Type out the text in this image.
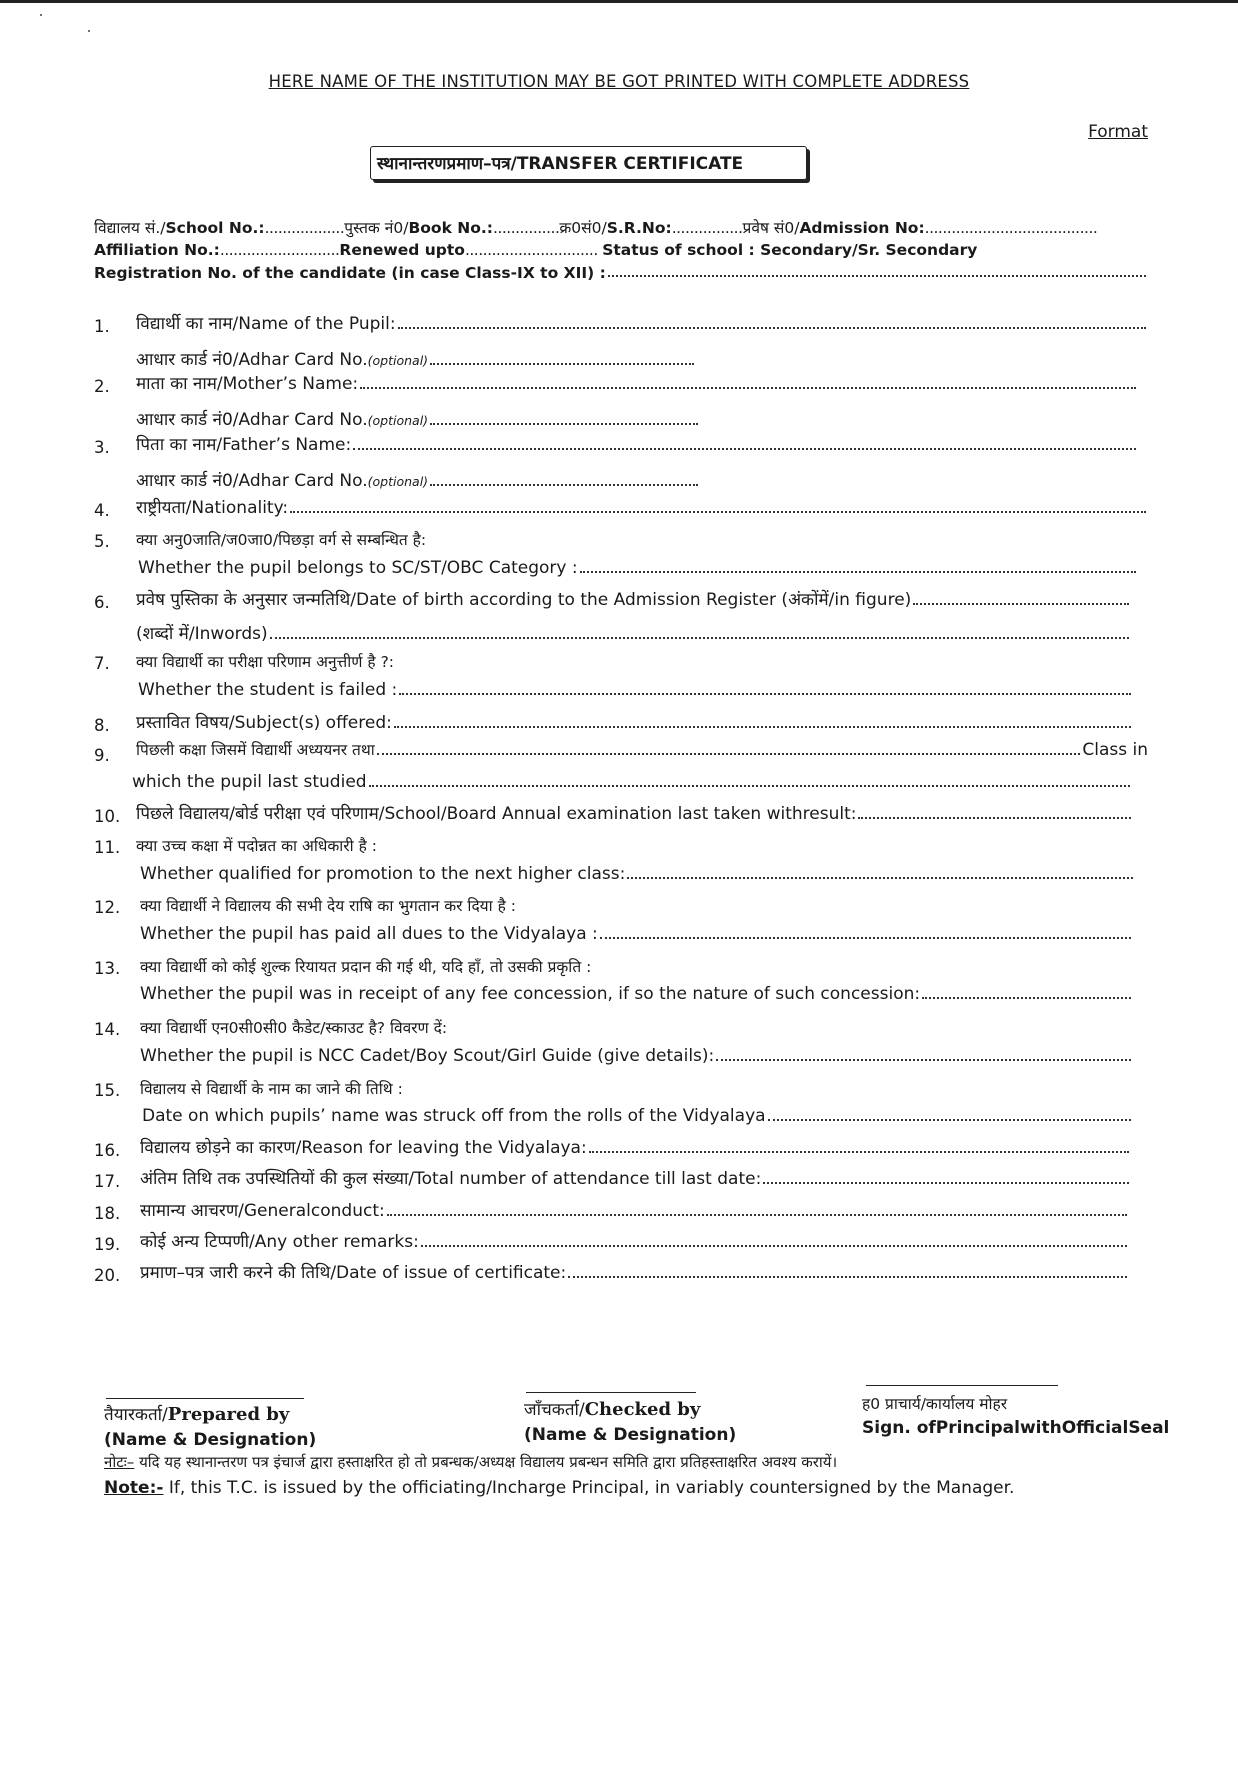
HERE NAME OF THE INSTITUTION MAY BE GOT PRINTED WITH COMPLETE ADDRESS
Format
स्थानान्तरणप्रमाण–पत्र/TRANSFER CERTIFICATE
विद्यालय सं./School No.:..................पुस्तक नं0/Book No.:...............क्र0सं0/S.R.No:................प्रवेष सं0/Admission No:.......................................
Affiliation No.:...........................Renewed upto.............................. Status of school : Secondary/Sr. Secondary
Registration No. of the candidate (in case Class-IX to XII) :
1. विद्यार्थी का नाम/Name of the Pupil:
आधार कार्ड नं0/Adhar Card No.(optional)
2. माता का नाम/Mother’s Name:
आधार कार्ड नं0/Adhar Card No.(optional)
3. पिता का नाम/Father’s Name:
आधार कार्ड नं0/Adhar Card No.(optional)
4. राष्ट्रीयता/Nationality:
5. क्या अनु0जाति/ज0जा0/पिछड़ा वर्ग से सम्बन्धित है:
Whether the pupil belongs to SC/ST/OBC Category :
6. प्रवेष पुस्तिका के अनुसार जन्मतिथि/Date of birth according to the Admission Register (अंकोंमें/in figure)
(शब्दों में/Inwords)
7. क्या विद्यार्थी का परीक्षा परिणाम अनुत्तीर्ण है ?:
Whether the student is failed :
8. प्रस्तावित विषय/Subject(s) offered:
9. पिछली कक्षा जिसमें विद्यार्थी अध्ययनर तथा	Class in
which the pupil last studied
10. पिछले विद्यालय/बोर्ड परीक्षा एवं परिणाम/School/Board Annual examination last taken withresult:
11. क्या उच्च कक्षा में पदोन्नत का अधिकारी है :
Whether qualified for promotion to the next higher class:
12. क्या विद्यार्थी ने विद्यालय की सभी देय राषि का भुगतान कर दिया है :
Whether the pupil has paid all dues to the Vidyalaya :
13. क्या विद्यार्थी को कोई शुल्क रियायत प्रदान की गई थी, यदि हाँ, तो उसकी प्रकृति :
Whether the pupil was in receipt of any fee concession, if so the nature of such concession:
14. क्या विद्यार्थी एन0सी0सी0 कैडेट/स्काउट है? विवरण दें:
Whether the pupil is NCC Cadet/Boy Scout/Girl Guide (give details):
15. विद्यालय से विद्यार्थी के नाम का जाने की तिथि :
Date on which pupils’ name was struck off from the rolls of the Vidyalaya
16. विद्यालय छोड़ने का कारण/Reason for leaving the Vidyalaya:
17. अंतिम तिथि तक उपस्थितियों की कुल संख्या/Total number of attendance till last date:
18. सामान्य आचरण/Generalconduct:
19. कोई अन्य टिप्पणी/Any other remarks:
20. प्रमाण–पत्र जारी करने की तिथि/Date of issue of certificate:
तैयारकर्ता/Prepared by
(Name & Designation)
जाँचकर्ता/Checked by
(Name & Designation)
ह0 प्राचार्य/कार्यालय मोहर
Sign. ofPrincipalwithOfficialSeal
नोटः– यदि यह स्थानान्तरण पत्र इंचार्ज द्वारा हस्ताक्षरित हो तो प्रबन्धक/अध्यक्ष विद्यालय प्रबन्धन समिति द्वारा प्रतिहस्ताक्षरित अवश्य करायें।
Note:- If, this T.C. is issued by the officiating/Incharge Principal, in variably countersigned by the Manager.
